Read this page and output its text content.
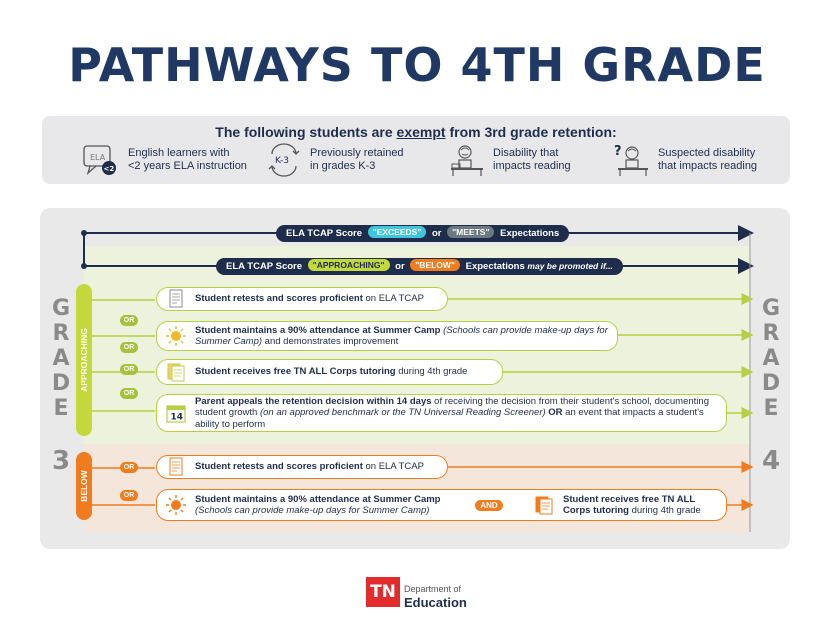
PATHWAYS TO 4TH GRADE
The following students are exempt from 3rd grade retention:
ELA
<2
English learners with
<2 years ELA instruction	K-3
Previously retained
in grades K-3
Disability that
impacts reading
?	Suspected disability
that impacts reading
G
R
A
D
E
3
G
R
A
D
E
4
ELA TCAP Score "EXCEEDS" or "MEETS" Expectations
ELA TCAP Score "APPROACHING" or "BELOW" Expectations may be promoted if...
APPROACHING
BELOW
OR
OR
OR
OR
OR
OR
Student retests and scores proficient on ELA TCAP
Student maintains a 90% attendance at Summer Camp (Schools can provide make-up days for Summer Camp) and demonstrates improvement
Student receives free TN ALL Corps tutoring during 4th grade
14
Parent appeals the retention decision within 14 days of receiving the decision from their student's school, documenting student growth (on an approved benchmark or the TN Universal Reading Screener) OR an event that impacts a student's ability to perform
Student retests and scores proficient on ELA TCAP
Student maintains a 90% attendance at Summer Camp
(Schools can provide make-up days for Summer Camp)
Student receives free TN ALL Corps tutoring during 4th grade
AND
TN Department of
Education
